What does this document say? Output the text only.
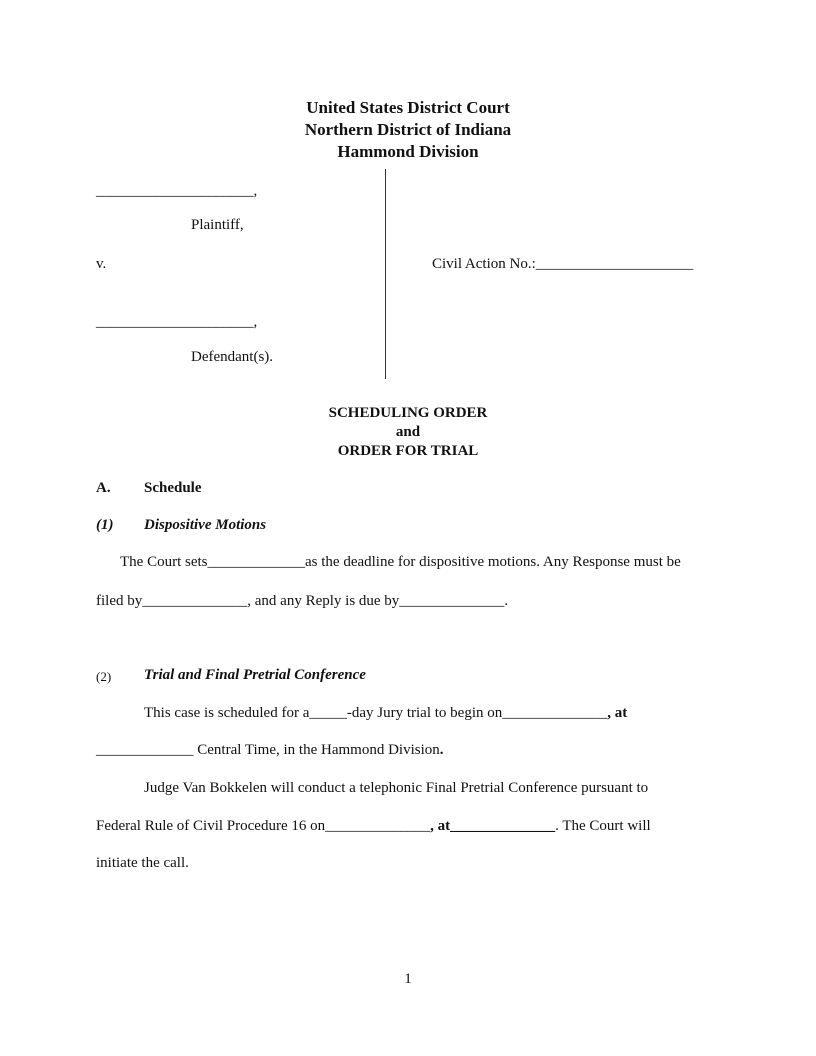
United States District Court
Northern District of Indiana
Hammond Division
_____________________,
Plaintiff,
v.	Civil Action No.:_____________________
_____________________,
Defendant(s).
SCHEDULING ORDER
and
ORDER FOR TRIAL
A. Schedule
(1) Dispositive Motions
The Court sets_____________as the deadline for dispositive motions. Any Response must be
filed by______________, and any Reply is due by______________.
(2) Trial and Final Pretrial Conference
This case is scheduled for a_____-day Jury trial to begin on______________, at
_____________ Central Time, in the Hammond Division.
Judge Van Bokkelen will conduct a telephonic Final Pretrial Conference pursuant to
Federal Rule of Civil Procedure 16 on______________, at______________. The Court will
initiate the call.
1
